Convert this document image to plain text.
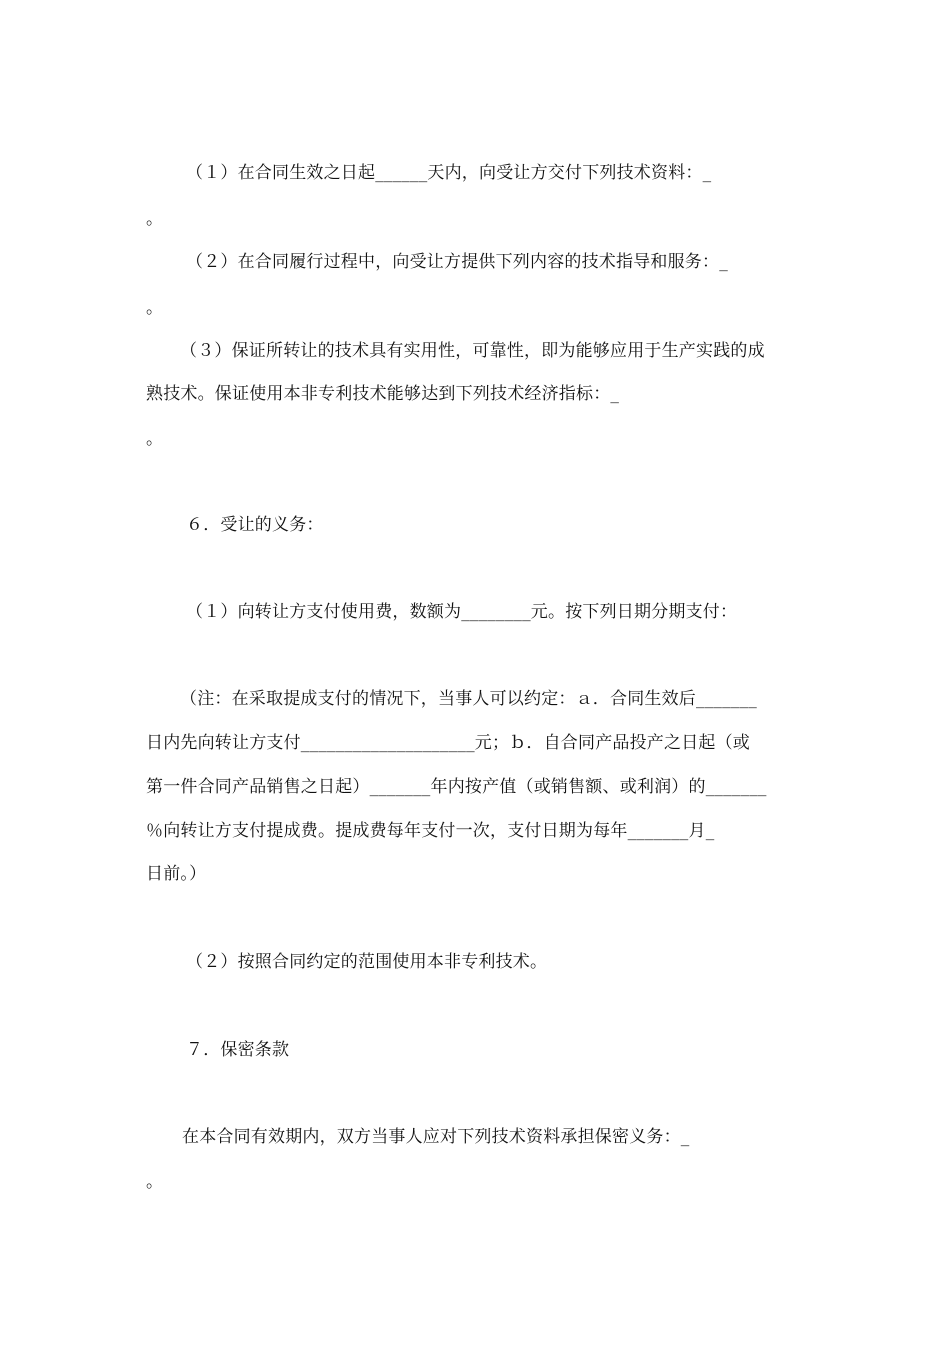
（１）在合同生效之日起______天内，向受让方交付下列技术资料：_
。
（２）在合同履行过程中，向受让方提供下列内容的技术指导和服务：_
。
（３）保证所转让的技术具有实用性，可靠性，即为能够应用于生产实践的成
熟技术。保证使用本非专利技术能够达到下列技术经济指标：_
。
６．受让的义务：
（１）向转让方支付使用费，数额为________元。按下列日期分期支付：
（注：在采取提成支付的情况下，当事人可以约定：ａ．合同生效后_______
日内先向转让方支付____________________元；ｂ．自合同产品投产之日起（或
第一件合同产品销售之日起）_______年内按产值（或销售额、或利润）的_______
％向转让方支付提成费。提成费每年支付一次，支付日期为每年_______月_
日前。）
（２）按照合同约定的范围使用本非专利技术。
７．保密条款
在本合同有效期内，双方当事人应对下列技术资料承担保密义务：_
。
